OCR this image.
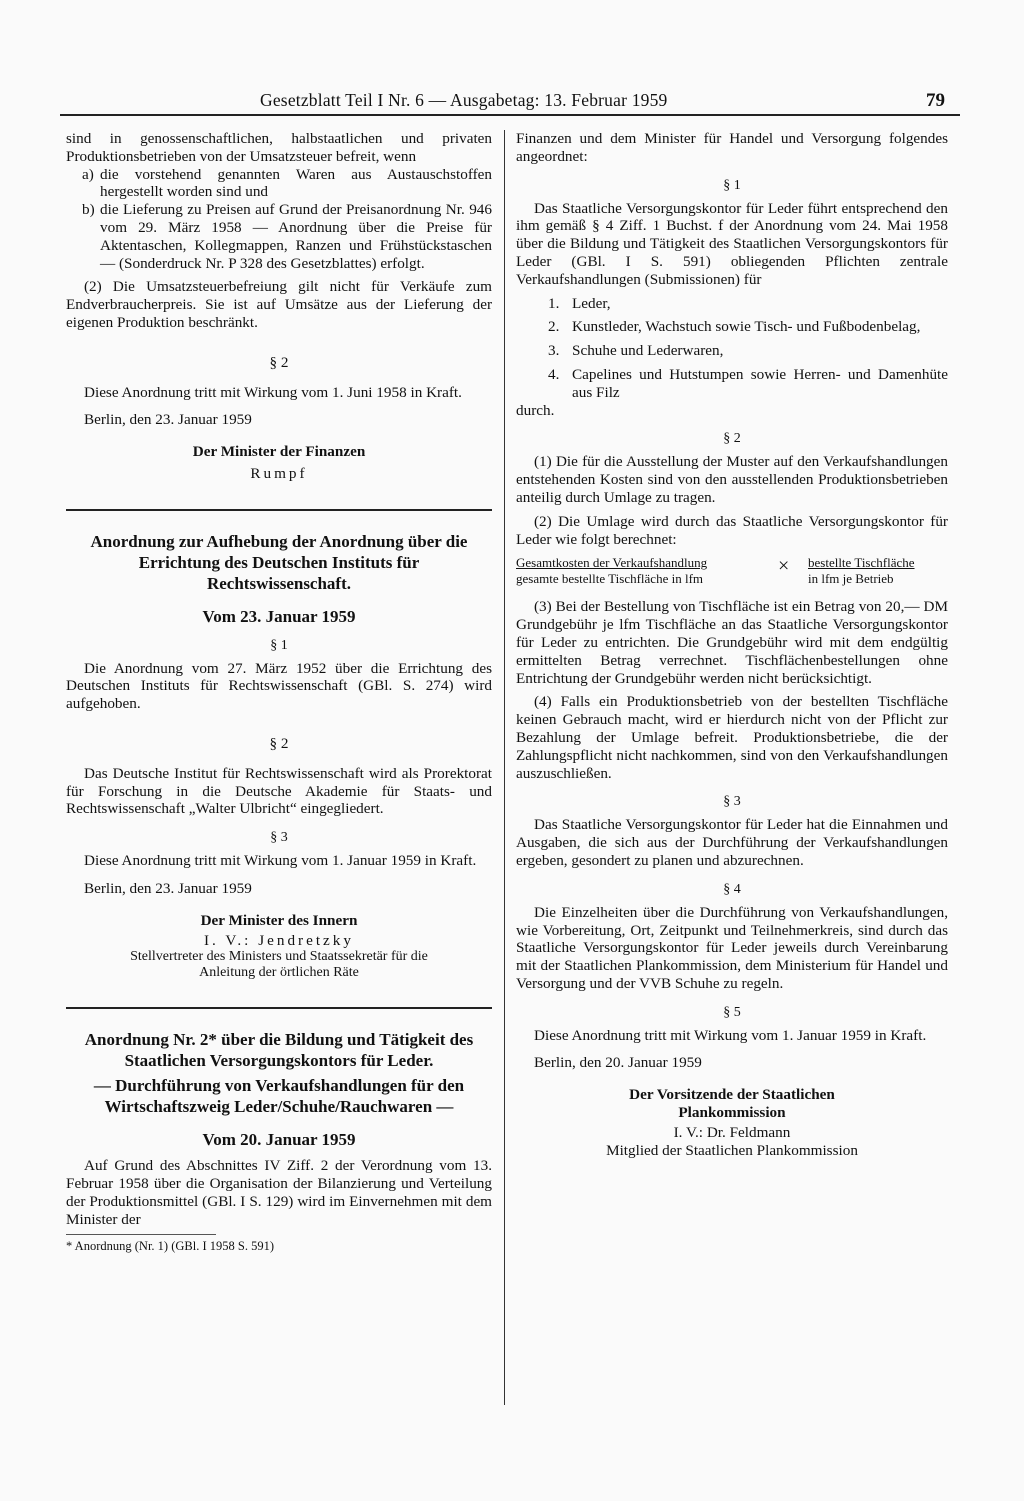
Gesetzblatt Teil I Nr. 6 — Ausgabetag: 13. Februar 1959	79

sind in genossenschaftlichen, halbstaatlichen und privaten Produktionsbetrieben von der Umsatzsteuer befreit, wenn

a) die vorstehend genannten Waren aus Austauschstoffen hergestellt worden sind und

b) die Lieferung zu Preisen auf Grund der Preisanordnung Nr. 946 vom 29. März 1958 — Anordnung über die Preise für Aktentaschen, Kollegmappen, Ranzen und Frühstückstaschen — (Sonderdruck Nr. P 328 des Gesetzblattes) erfolgt.

(2) Die Umsatzsteuerbefreiung gilt nicht für Verkäufe zum Endverbraucherpreis. Sie ist auf Umsätze aus der Lieferung der eigenen Produktion beschränkt.

§ 2

Diese Anordnung tritt mit Wirkung vom 1. Juni 1958 in Kraft.

Berlin, den 23. Januar 1959

Der Minister der Finanzen
Rumpf
Anordnung zur Aufhebung der Anordnung über die Errichtung des Deutschen Instituts für Rechtswissenschaft.
Vom 23. Januar 1959
§ 1

Die Anordnung vom 27. März 1952 über die Errichtung des Deutschen Instituts für Rechtswissenschaft (GBl. S. 274) wird aufgehoben.

§ 2

Das Deutsche Institut für Rechtswissenschaft wird als Prorektorat für Forschung in die Deutsche Akademie für Staats- und Rechtswissenschaft „Walter Ulbricht“ eingegliedert.

§ 3

Diese Anordnung tritt mit Wirkung vom 1. Januar 1959 in Kraft.

Berlin, den 23. Januar 1959

Der Minister des Innern
I. V.: Jendretzky
Stellvertreter des Ministers und Staatssekretär für die Anleitung der örtlichen Räte
Anordnung Nr. 2* über die Bildung und Tätigkeit des Staatlichen Versorgungskontors für Leder.
— Durchführung von Verkaufshandlungen für den Wirtschaftszweig Leder/Schuhe/Rauchwaren —
Vom 20. Januar 1959

Auf Grund des Abschnittes IV Ziff. 2 der Verordnung vom 13. Februar 1958 über die Organisation der Bilanzierung und Verteilung der Produktionsmittel (GBl. I S. 129) wird im Einvernehmen mit dem Minister der

* Anordnung (Nr. 1) (GBl. I 1958 S. 591)

Finanzen und dem Minister für Handel und Versorgung folgendes angeordnet:

§ 1

Das Staatliche Versorgungskontor für Leder führt entsprechend den ihm gemäß § 4 Ziff. 1 Buchst. f der Anordnung vom 24. Mai 1958 über die Bildung und Tätigkeit des Staatlichen Versorgungskontors für Leder (GBl. I S. 591) obliegenden Pflichten zentrale Verkaufshandlungen (Submissionen) für

1. Leder,

2. Kunstleder, Wachstuch sowie Tisch- und Fußbodenbelag,

3. Schuhe und Lederwaren,

4. Capelines und Hutstumpen sowie Herren- und Damenhüte aus Filz

durch.

§ 2

(1) Die für die Ausstellung der Muster auf den Verkaufshandlungen entstehenden Kosten sind von den ausstellenden Produktionsbetrieben anteilig durch Umlage zu tragen.

(2) Die Umlage wird durch das Staatliche Versorgungskontor für Leder wie folgt berechnet:

Gesamtkosten der Verkaufshandlung
gesamte bestellte Tischfläche in lfm
× bestellte Tischfläche
in lfm je Betrieb

(3) Bei der Bestellung von Tischfläche ist ein Betrag von 20,— DM Grundgebühr je lfm Tischfläche an das Staatliche Versorgungskontor für Leder zu entrichten. Die Grundgebühr wird mit dem endgültig ermittelten Betrag verrechnet. Tischflächenbestellungen ohne Entrichtung der Grundgebühr werden nicht berücksichtigt.

(4) Falls ein Produktionsbetrieb von der bestellten Tischfläche keinen Gebrauch macht, wird er hierdurch nicht von der Pflicht zur Bezahlung der Umlage befreit. Produktionsbetriebe, die der Zahlungspflicht nicht nachkommen, sind von den Verkaufshandlungen auszuschließen.

§ 3

Das Staatliche Versorgungskontor für Leder hat die Einnahmen und Ausgaben, die sich aus der Durchführung der Verkaufshandlungen ergeben, gesondert zu planen und abzurechnen.

§ 4

Die Einzelheiten über die Durchführung von Verkaufshandlungen, wie Vorbereitung, Ort, Zeitpunkt und Teilnehmerkreis, sind durch das Staatliche Versorgungskontor für Leder jeweils durch Vereinbarung mit der Staatlichen Plankommission, dem Ministerium für Handel und Versorgung und der VVB Schuhe zu regeln.

§ 5

Diese Anordnung tritt mit Wirkung vom 1. Januar 1959 in Kraft.

Berlin, den 20. Januar 1959

Der Vorsitzende der Staatlichen Plankommission
I. V.: Dr. Feldmann
Mitglied der Staatlichen Plankommission
